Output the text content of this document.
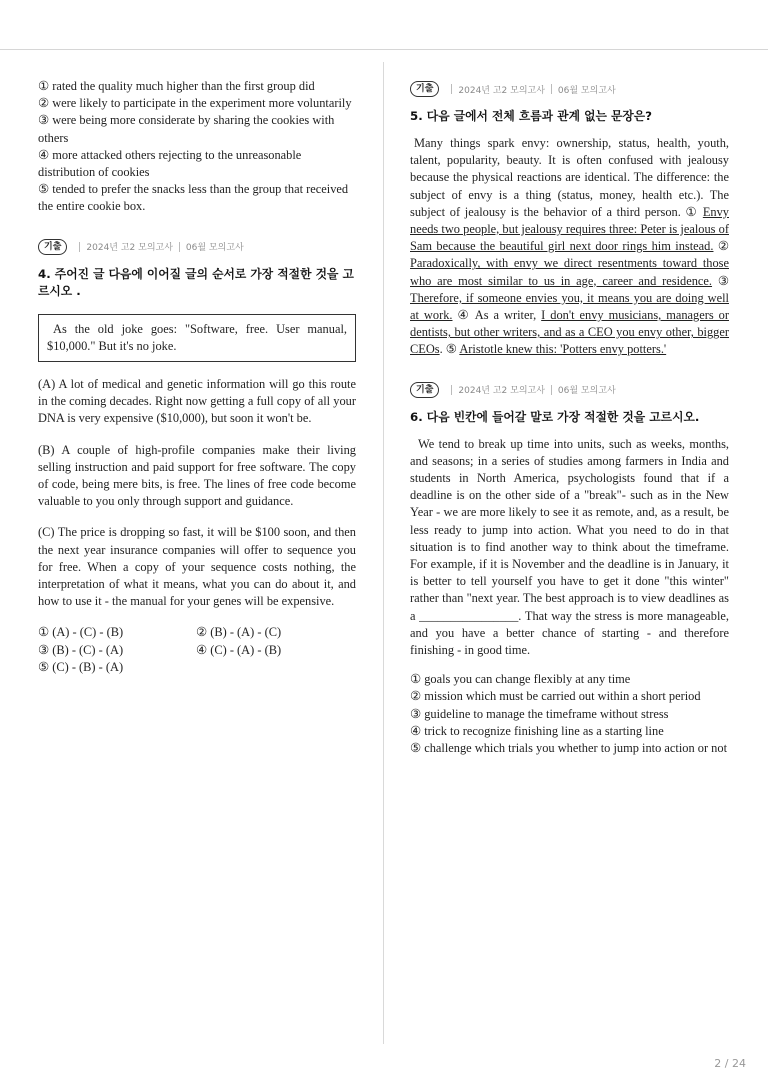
① rated the quality much higher than the first group did
② were likely to participate in the experiment more voluntarily
③ were being more considerate by sharing the cookies with others
④ more attacked others rejecting to the unreasonable distribution of cookies
⑤ tended to prefer the snacks less than the group that received the entire cookie box.
기출	2024년 고2 모의고사 06월 모의고사

4. 주어진 글 다음에 이어질 글의 순서로 가장 적절한 것을 고르시오 .

As the old joke goes: "Software, free. User manual, $10,000." But it's no joke.

(A) A lot of medical and genetic information will go this route in the coming decades. Right now getting a full copy of all your DNA is very expensive ($10,000), but soon it won't be.

(B) A couple of high-profile companies make their living selling instruction and paid support for free software. The copy of code, being mere bits, is free. The lines of free code become valuable to you only through support and guidance.

(C) The price is dropping so fast, it will be $100 soon, and then the next year insurance companies will offer to sequence you for free. When a copy of your sequence costs nothing, the interpretation of what it means, what you can do about it, and how to use it - the manual for your genes will be expensive.

① (A) - (C) - (B)	② (B) - (A) - (C)
③ (B) - (C) - (A)	④ (C) - (A) - (B)
⑤ (C) - (B) - (A)
기출	2024년 고2 모의고사 06월 모의고사

5. 다음 글에서 전체 흐름과 관계 없는 문장은?

Many things spark envy: ownership, status, health, youth, talent, popularity, beauty. It is often confused with jealousy because the physical reactions are identical. The difference: the subject of envy is a thing (status, money, health etc.). The subject of jealousy is the behavior of a third person. ① Envy needs two people, but jealousy requires three: Peter is jealous of Sam because the beautiful girl next door rings him instead. ② Paradoxically, with envy we direct resentments toward those who are most similar to us in age, career and residence. ③ Therefore, if someone envies you, it means you are doing well at work. ④ As a writer, I don't envy musicians, managers or dentists, but other writers, and as a CEO you envy other, bigger CEOs. ⑤ Aristotle knew this: 'Potters envy potters.'

기출	2024년 고2 모의고사 06월 모의고사

6. 다음 빈칸에 들어갈 말로 가장 적절한 것을 고르시오.

We tend to break up time into units, such as weeks, months, and seasons; in a series of studies among farmers in India and students in North America, psychologists found that if a deadline is on the other side of a "break"- such as in the New Year - we are more likely to see it as remote, and, as a result, be less ready to jump into action. What you need to do in that situation is to find another way to think about the timeframe. For example, if it is November and the deadline is in January, it is better to tell yourself you have to get it done "this winter" rather than "next year. The best approach is to view deadlines as a ________________. That way the stress is more manageable, and you have a better chance of starting - and therefore finishing - in good time.

① goals you can change flexibly at any time
② mission which must be carried out within a short period
③ guideline to manage the timeframe without stress
④ trick to recognize finishing line as a starting line
⑤ challenge which trials you whether to jump into action or not
2 / 24
